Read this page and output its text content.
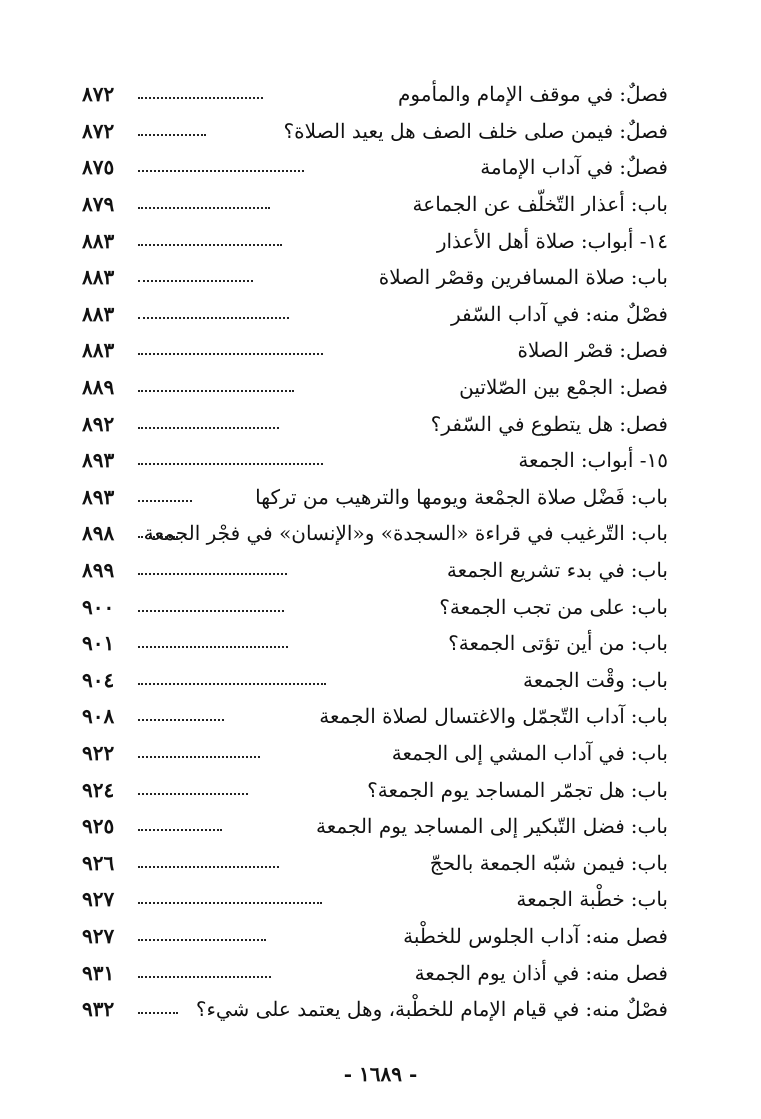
فصلٌ:
في موقف الإمام والمأموم
٨٧٢
فصلٌ:
فيمن صلى خلف الصف هل يعيد الصلاة؟
٨٧٢
فصلٌ:
في آداب الإمامة
٨٧٥
باب:
أعذار التّخلّف عن الجماعة
٨٧٩
١٤- أبواب:
صلاة أهل الأعذار
٨٨٣
باب:
صلاة المسافرين وقصْر الصلاة
٨٨٣
فصْلٌ منه:
في آداب السّفر
٨٨٣
فصل:
قصْر الصلاة
٨٨٣
فصل:
الجمْع بين الصّلاتين
٨٨٩
فصل:
هل يتطوع في السّفر؟
٨٩٢
١٥- أبواب:
الجمعة
٨٩٣
باب:
فَضْل صلاة الجمْعة ويومها والترهيب من تركها
٨٩٣
باب:
التّرغيب في قراءة «السجدة» و«الإنسان» في فجْر الجمعة
٨٩٨
باب:
في بدء تشريع الجمعة
٨٩٩
باب:
على من تجب الجمعة؟
٩٠٠
باب:
من أين تؤتى الجمعة؟
٩٠١
باب:
وقْت الجمعة
٩٠٤
باب:
آداب التّجمّل والاغتسال لصلاة الجمعة
٩٠٨
باب:
في آداب المشي إلى الجمعة
٩٢٢
باب:
هل تجمّر المساجد يوم الجمعة؟
٩٢٤
باب:
فضل التّبكير إلى المساجد يوم الجمعة
٩٢٥
باب:
فيمن شبّه الجمعة بالحجّ
٩٢٦
باب:
خطْبة الجمعة
٩٢٧
فصل منه:
آداب الجلوس للخطْبة
٩٢٧
فصل منه:
في أذان يوم الجمعة
٩٣١
فصْلٌ منه:
في قيام الإمام للخطْبة، وهل يعتمد على شيء؟
٩٣٢
- ١٦٨٩ -
